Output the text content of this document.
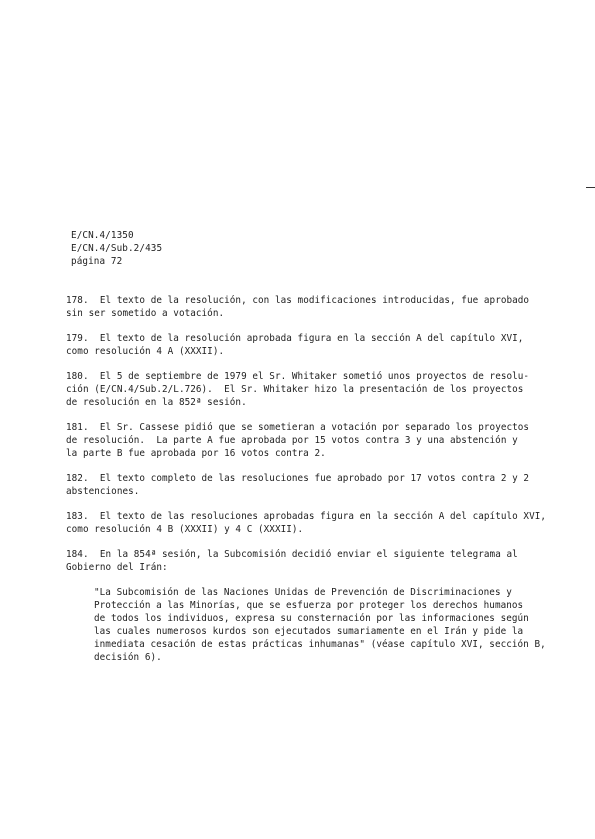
E/CN.4/1350
E/CN.4/Sub.2/435
página 72
178. El texto de la resolución, con las modificaciones introducidas, fue aprobado
sin ser sometido a votación.
179. El texto de la resolución aprobada figura en la sección A del capítulo XVI,
como resolución 4 A (XXXII).
180. El 5 de septiembre de 1979 el Sr. Whitaker sometió unos proyectos de resolu-
ción (E/CN.4/Sub.2/L.726).  El Sr. Whitaker hizo la presentación de los proyectos
de resolución en la 852ª sesión.
181. El Sr. Cassese pidió que se sometieran a votación por separado los proyectos
de resolución.  La parte A fue aprobada por 15 votos contra 3 y una abstención y
la parte B fue aprobada por 16 votos contra 2.
182. El texto completo de las resoluciones fue aprobado por 17 votos contra 2 y 2
abstenciones.
183. El texto de las resoluciones aprobadas figura en la sección A del capítulo XVI,
como resolución 4 B (XXXII) y 4 C (XXXII).
184. En la 854ª sesión, la Subcomisión decidió enviar el siguiente telegrama al
Gobierno del Irán:
"La Subcomisión de las Naciones Unidas de Prevención de Discriminaciones y
Protección a las Minorías, que se esfuerza por proteger los derechos humanos
de todos los individuos, expresa su consternación por las informaciones según
las cuales numerosos kurdos son ejecutados sumariamente en el Irán y pide la
inmediata cesación de estas prácticas inhumanas" (véase capítulo XVI, sección B,
decisión 6).
